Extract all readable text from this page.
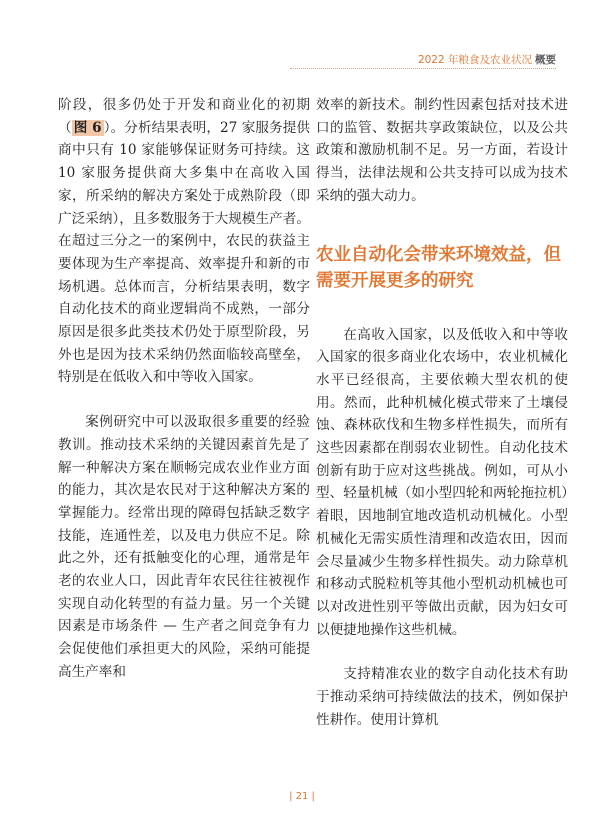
2022 年粮食及农业状况 概要

阶段，很多仍处于开发和商业化的初期（ 图 6 ）。分析结果表明，27 家服务提供商中只有 10 家能够保证财务可持续。这 10 家服务提供商大多集中在高收入国家，所采纳的解决方案处于成熟阶段（即广泛采纳），且多数服务于大规模生产者。在超过三分之一的案例中，农民的获益主要体现为生产率提高、效率提升和新的市场机遇。总体而言，分析结果表明，数字自动化技术的商业逻辑尚不成熟，一部分原因是很多此类技术仍处于原型阶段，另外也是因为技术采纳仍然面临较高壁垒，特别是在低收入和中等收入国家。

案例研究中可以汲取很多重要的经验教训。推动技术采纳的关键因素首先是了解一种解决方案在顺畅完成农业作业方面的能力，其次是农民对于这种解决方案的掌握能力。经常出现的障碍包括缺乏数字技能，连通性差，以及电力供应不足。除此之外，还有抵触变化的心理，通常是年老的农业人口，因此青年农民往往被视作实现自动化转型的有益力量。另一个关键因素是市场条件 — 生产者之间竞争有力会促使他们承担更大的风险，采纳可能提高生产率和

效率的新技术。制约性因素包括对技术进口的监管、数据共享政策缺位，以及公共政策和激励机制不足。另一方面，若设计得当，法律法规和公共支持可以成为技术采纳的强大动力。

农业自动化会带来环境效益，但需要开展更多的研究

在高收入国家，以及低收入和中等收入国家的很多商业化农场中，农业机械化水平已经很高，主要依赖大型农机的使用。然而，此种机械化模式带来了土壤侵蚀、森林砍伐和生物多样性损失，而所有这些因素都在削弱农业韧性。自动化技术创新有助于应对这些挑战。例如，可从小型、轻量机械（如小型四轮和两轮拖拉机）着眼，因地制宜地改造机动机械化。小型机械化无需实质性清理和改造农田，因而会尽量减少生物多样性损失。动力除草机和移动式脱粒机等其他小型机动机械也可以对改进性别平等做出贡献，因为妇女可以便捷地操作这些机械。

支持精准农业的数字自动化技术有助于推动采纳可持续做法的技术，例如保护性耕作。使用计算机

| 21 |
